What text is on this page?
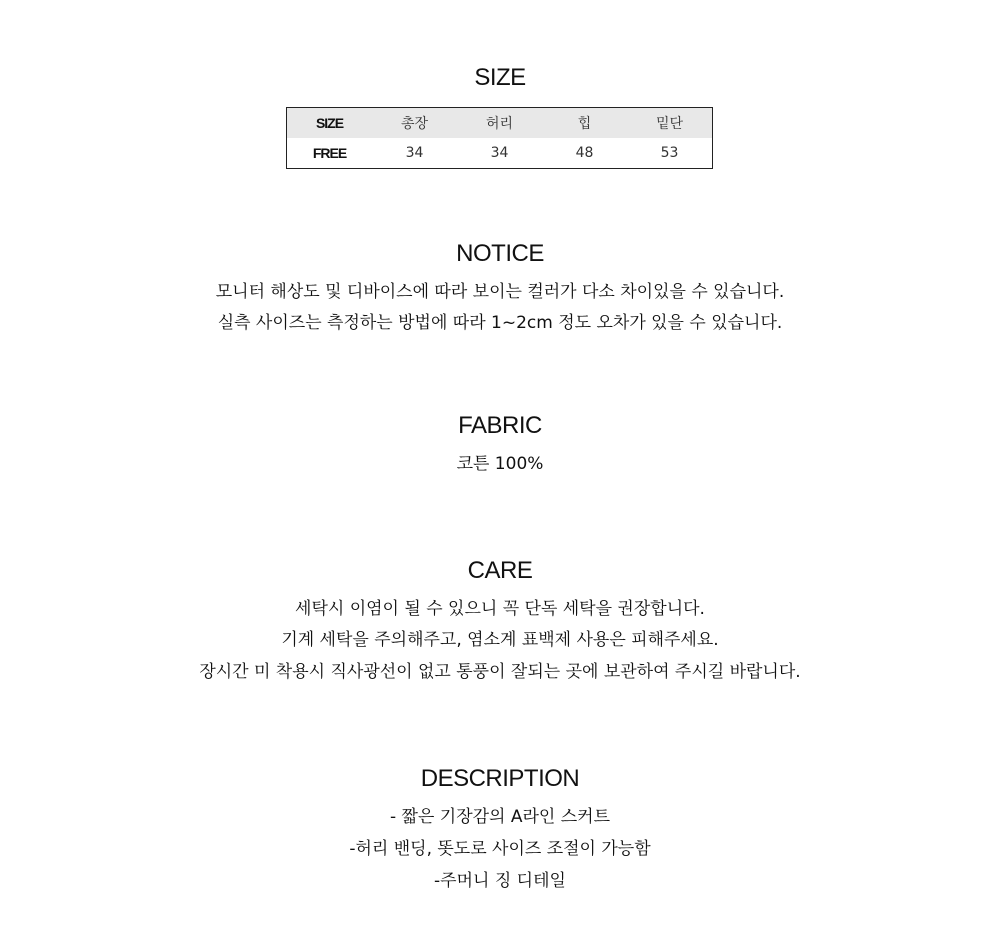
SIZE
SIZE	총장	허리	힙	밑단
FREE	34	34	48	53
NOTICE

모니터 해상도 및 디바이스에 따라 보이는 컬러가 다소 차이있을 수 있습니다.

실측 사이즈는 측정하는 방법에 따라 1~2cm 정도 오차가 있을 수 있습니다.

FABRIC

코튼 100%

CARE

세탁시 이염이 될 수 있으니 꼭 단독 세탁을 권장합니다.

기계 세탁을 주의해주고, 염소계 표백제 사용은 피해주세요.

장시간 미 착용시 직사광선이 없고 통풍이 잘되는 곳에 보관하여 주시길 바랍니다.

DESCRIPTION

- 짧은 기장감의 A라인 스커트

-허리 밴딩, 똣도로 사이즈 조절이 가능함

-주머니 징 디테일
